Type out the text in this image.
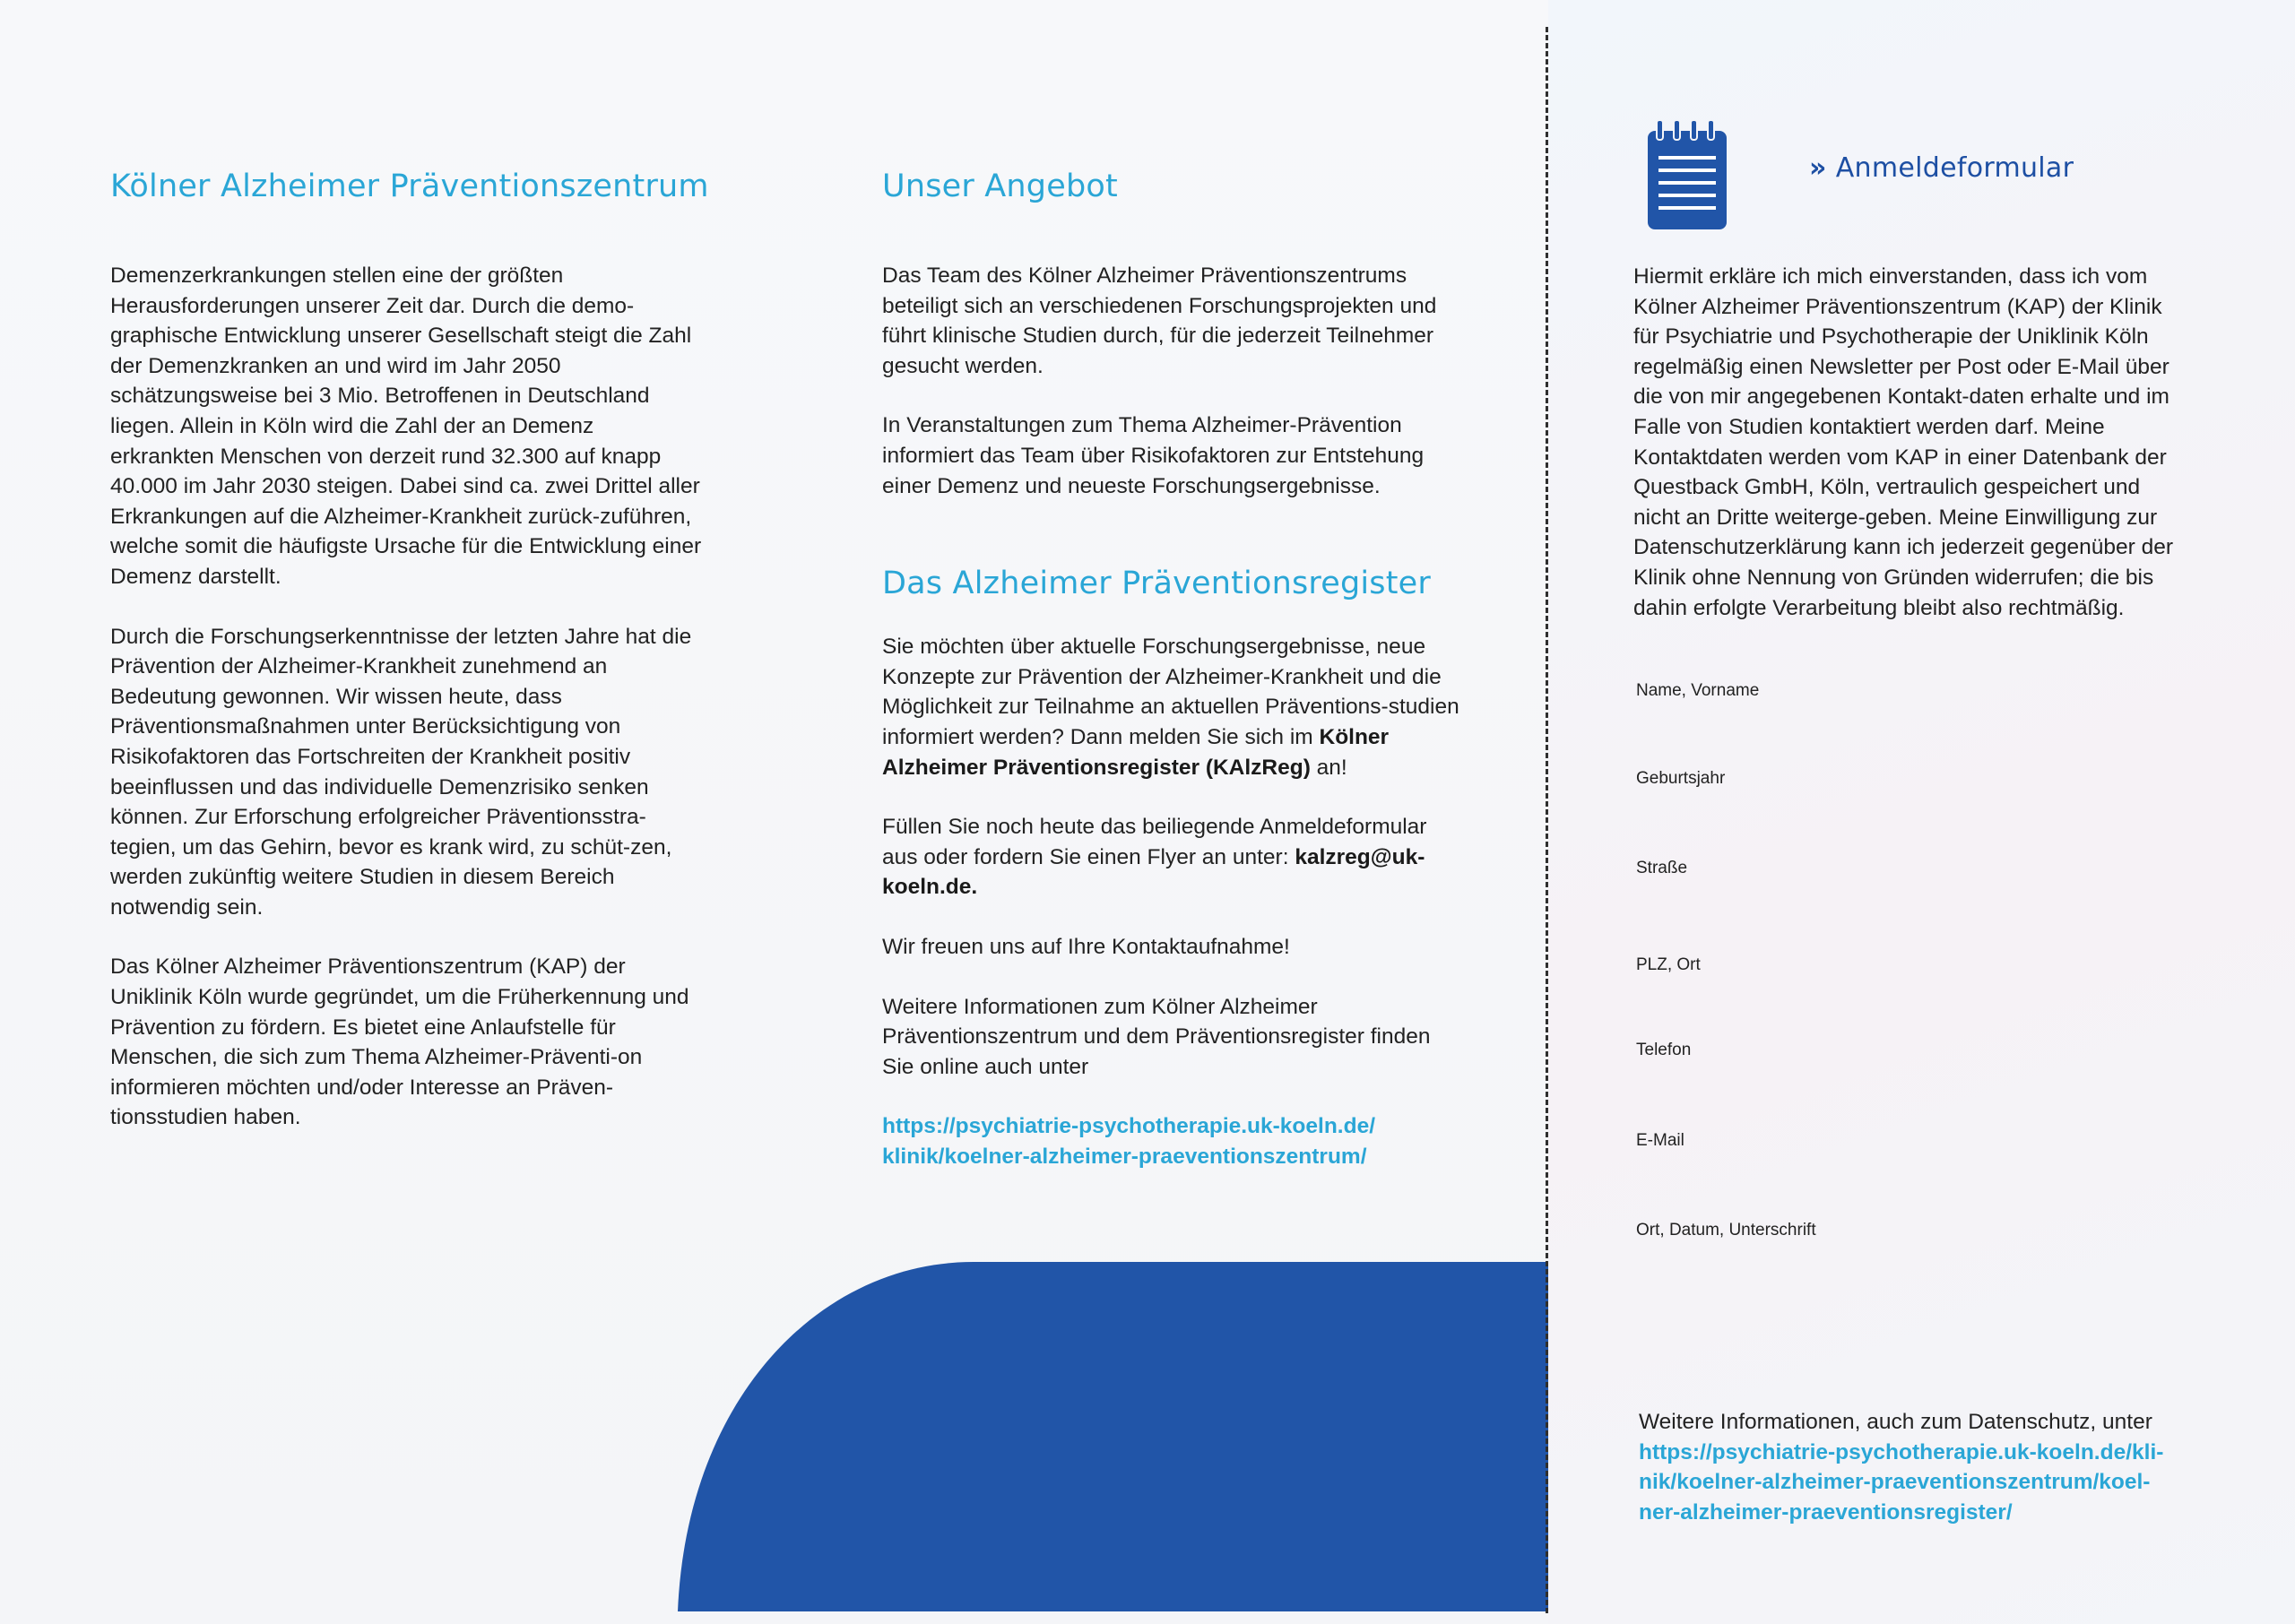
Kölner Alzheimer Präventionszentrum

Demenzerkrankungen stellen eine der größten Herausforderungen unserer Zeit dar. Durch die demo-graphische Entwicklung unserer Gesellschaft steigt die Zahl der Demenzkranken an und wird im Jahr 2050 schätzungsweise bei 3 Mio. Betroffenen in Deutschland liegen. Allein in Köln wird die Zahl der an Demenz erkrankten Menschen von derzeit rund 32.300 auf knapp 40.000 im Jahr 2030 steigen. Dabei sind ca. zwei Drittel aller Erkrankungen auf die Alzheimer-Krankheit zurück-zuführen, welche somit die häufigste Ursache für die Entwicklung einer Demenz darstellt.

Durch die Forschungserkenntnisse der letzten Jahre hat die Prävention der Alzheimer-Krankheit zunehmend an Bedeutung gewonnen. Wir wissen heute, dass Präventionsmaßnahmen unter Berücksichtigung von Risikofaktoren das Fortschreiten der Krankheit positiv beeinflussen und das individuelle Demenzrisiko senken können. Zur Erforschung erfolgreicher Präventionsstra-tegien, um das Gehirn, bevor es krank wird, zu schüt-zen, werden zukünftig weitere Studien in diesem Bereich notwendig sein.

Das Kölner Alzheimer Präventionszentrum (KAP) der Uniklinik Köln wurde gegründet, um die Früherkennung und Prävention zu fördern. Es bietet eine Anlaufstelle für Menschen, die sich zum Thema Alzheimer-Präventi-on informieren möchten und/oder Interesse an Präven-tionsstudien haben.

Unser Angebot

Das Team des Kölner Alzheimer Präventionszentrums beteiligt sich an verschiedenen Forschungsprojekten und führt klinische Studien durch, für die jederzeit Teilnehmer gesucht werden.

In Veranstaltungen zum Thema Alzheimer-Prävention informiert das Team über Risikofaktoren zur Entstehung einer Demenz und neueste Forschungsergebnisse.

Das Alzheimer Präventionsregister

Sie möchten über aktuelle Forschungsergebnisse, neue Konzepte zur Prävention der Alzheimer-Krankheit und die Möglichkeit zur Teilnahme an aktuellen Präventions-studien informiert werden? Dann melden Sie sich im Kölner Alzheimer Präventionsregister (KAlzReg) an!

Füllen Sie noch heute das beiliegende Anmeldeformular aus oder fordern Sie einen Flyer an unter: kalzreg@uk-koeln.de.

Wir freuen uns auf Ihre Kontaktaufnahme!

Weitere Informationen zum Kölner Alzheimer Präventionszentrum und dem Präventionsregister finden Sie online auch unter

https://psychiatrie-psychotherapie.uk-koeln.de/
klinik/koelner-alzheimer-praeventionszentrum/
» Anmeldeformular

Hiermit erkläre ich mich einverstanden, dass ich vom Kölner Alzheimer Präventionszentrum (KAP) der Klinik für Psychiatrie und Psychotherapie der Uniklinik Köln regelmäßig einen Newsletter per Post oder E-Mail über die von mir angegebenen Kontakt-daten erhalte und im Falle von Studien kontaktiert werden darf. Meine Kontaktdaten werden vom KAP in einer Datenbank der Questback GmbH, Köln, vertraulich gespeichert und nicht an Dritte weiterge-geben. Meine Einwilligung zur Datenschutzerklärung kann ich jederzeit gegenüber der Klinik ohne Nennung von Gründen widerrufen; die bis dahin erfolgte Verarbeitung bleibt also rechtmäßig.

Name, Vorname
Geburtsjahr
Straße
PLZ, Ort
Telefon
E-Mail
Ort, Datum, Unterschrift

Weitere Informationen, auch zum Datenschutz, unter

https://psychiatrie-psychotherapie.uk-koeln.de/kli-
nik/koelner-alzheimer-praeventionszentrum/koel-
ner-alzheimer-praeventionsregister/
